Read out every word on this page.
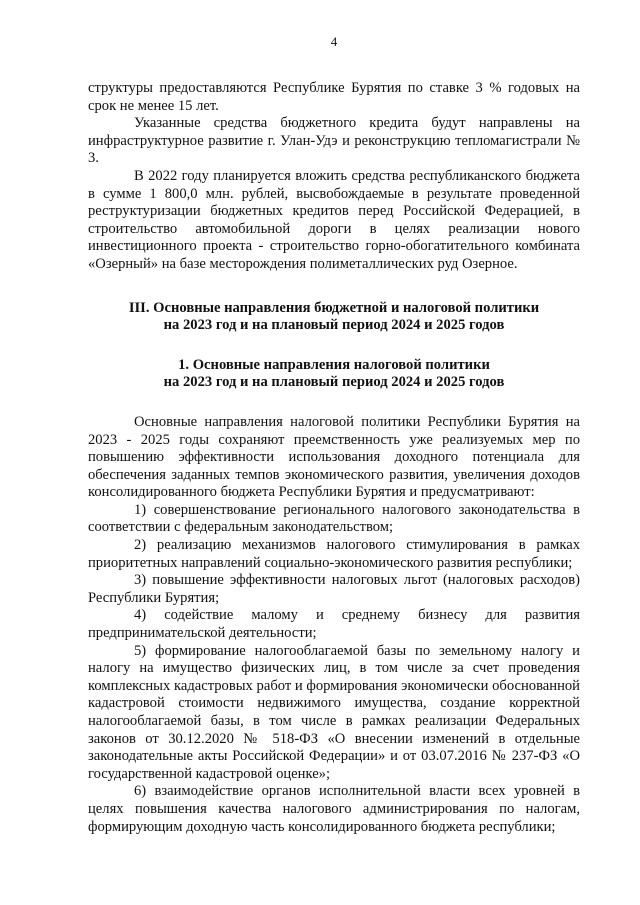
4

структуры предоставляются Республике Бурятия по ставке 3 % годовых на срок не менее 15 лет.

Указанные средства бюджетного кредита будут направлены на инфраструктурное развитие г. Улан-Удэ и реконструкцию тепломагистрали № 3.

В 2022 году планируется вложить средства республиканского бюджета в сумме 1 800,0 млн. рублей, высвобождаемые в результате проведенной реструктуризации бюджетных кредитов перед Российской Федерацией, в строительство автомобильной дороги в целях реализации нового инвестиционного проекта - строительство горно-обогатительного комбината «Озерный» на базе месторождения полиметаллических руд Озерное.

III. Основные направления бюджетной и налоговой политики
на 2023 год и на плановый период 2024 и 2025 годов
1. Основные направления налоговой политики
на 2023 год и на плановый период 2024 и 2025 годов

Основные направления налоговой политики Республики Бурятия на 2023 - 2025 годы сохраняют преемственность уже реализуемых мер по повышению эффективности использования доходного потенциала для обеспечения заданных темпов экономического развития, увеличения доходов консолидированного бюджета Республики Бурятия и предусматривают:

1) совершенствование регионального налогового законодательства в соответствии с федеральным законодательством;

2) реализацию механизмов налогового стимулирования в рамках приоритетных направлений социально-экономического развития республики;

3) повышение эффективности налоговых льгот (налоговых расходов) Республики Бурятия;

4) содействие малому и среднему бизнесу для развития предпринимательской деятельности;

5) формирование налогооблагаемой базы по земельному налогу и налогу на имущество физических лиц, в том числе за счет проведения комплексных кадастровых работ и формирования экономически обоснованной кадастровой стоимости недвижимого имущества, создание корректной налогооблагаемой базы, в том числе в рамках реализации Федеральных законов от 30.12.2020 № 518-ФЗ «О внесении изменений в отдельные законодательные акты Российской Федерации» и от 03.07.2016 № 237-ФЗ «О государственной кадастровой оценке»;

6) взаимодействие органов исполнительной власти всех уровней в целях повышения качества налогового администрирования по налогам, формирующим доходную часть консолидированного бюджета республики;
